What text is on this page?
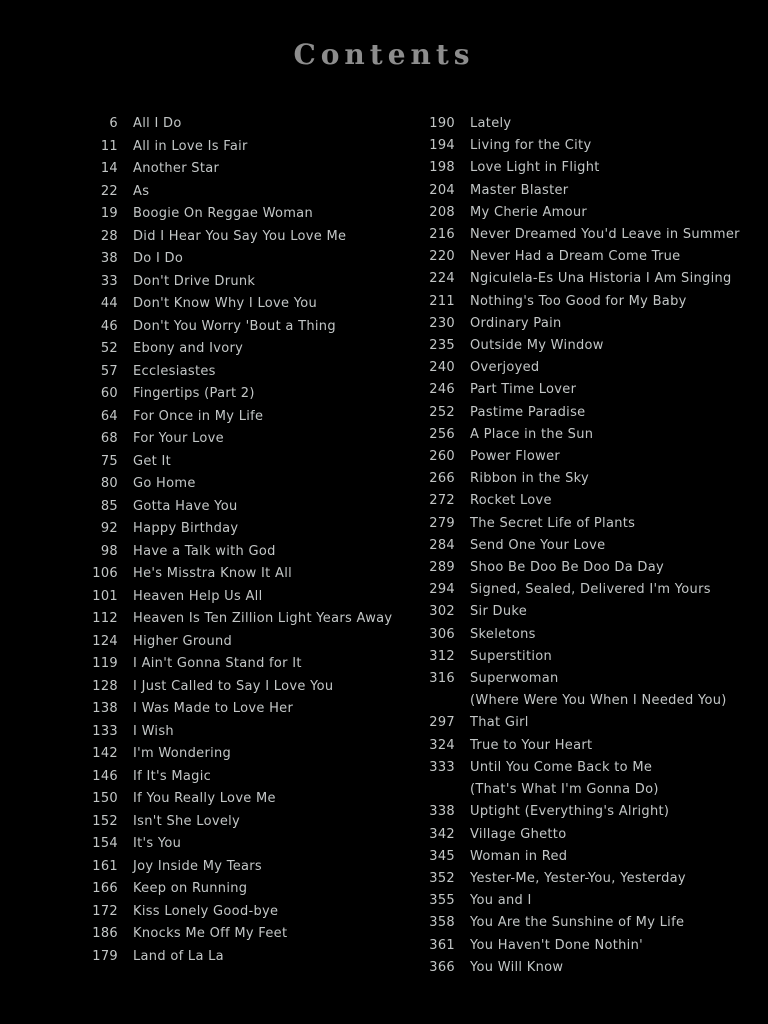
Contents
6 All I Do
11 All in Love Is Fair
14 Another Star
22 As
19 Boogie On Reggae Woman
28 Did I Hear You Say You Love Me
38 Do I Do
33 Don't Drive Drunk
44 Don't Know Why I Love You
46 Don't You Worry 'Bout a Thing
52 Ebony and Ivory
57 Ecclesiastes
60 Fingertips (Part 2)
64 For Once in My Life
68 For Your Love
75 Get It
80 Go Home
85 Gotta Have You
92 Happy Birthday
98 Have a Talk with God
106 He's Misstra Know It All
101 Heaven Help Us All
112 Heaven Is Ten Zillion Light Years Away
124 Higher Ground
119 I Ain't Gonna Stand for It
128 I Just Called to Say I Love You
138 I Was Made to Love Her
133 I Wish
142 I'm Wondering
146 If It's Magic
150 If You Really Love Me
152 Isn't She Lovely
154 It's You
161 Joy Inside My Tears
166 Keep on Running
172 Kiss Lonely Good-bye
186 Knocks Me Off My Feet
179 Land of La La
190 Lately
194 Living for the City
198 Love Light in Flight
204 Master Blaster
208 My Cherie Amour
216 Never Dreamed You'd Leave in Summer
220 Never Had a Dream Come True
224 Ngiculela-Es Una Historia I Am Singing
211 Nothing's Too Good for My Baby
230 Ordinary Pain
235 Outside My Window
240 Overjoyed
246 Part Time Lover
252 Pastime Paradise
256 A Place in the Sun
260 Power Flower
266 Ribbon in the Sky
272 Rocket Love
279 The Secret Life of Plants
284 Send One Your Love
289 Shoo Be Doo Be Doo Da Day
294 Signed, Sealed, Delivered I'm Yours
302 Sir Duke
306 Skeletons
312 Superstition
316 Superwoman
(Where Were You When I Needed You)
297 That Girl
324 True to Your Heart
333 Until You Come Back to Me
(That's What I'm Gonna Do)
338 Uptight (Everything's Alright)
342 Village Ghetto
345 Woman in Red
352 Yester-Me, Yester-You, Yesterday
355 You and I
358 You Are the Sunshine of My Life
361 You Haven't Done Nothin'
366 You Will Know
